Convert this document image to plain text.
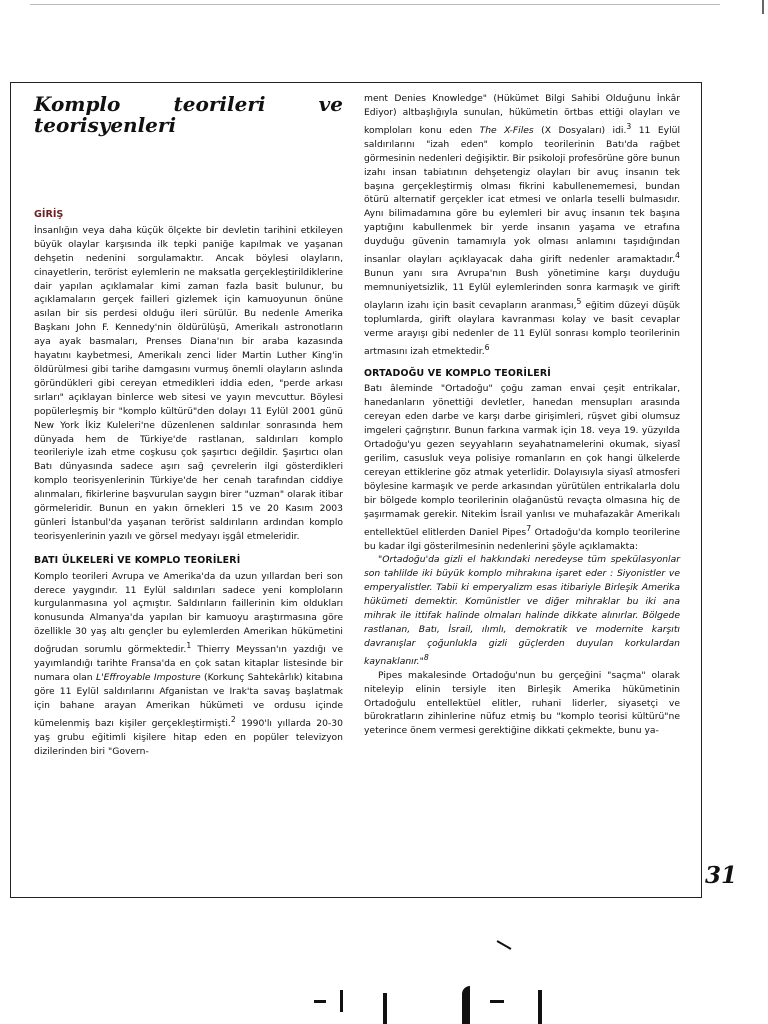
Komplo teorileri ve teorisyenleri
GİRİŞ

İnsanlığın veya daha küçük ölçekte bir devletin tarihini etkileyen büyük olaylar karşısında ilk tepki paniğe kapılmak ve yaşanan dehşetin nedenini sorgulamaktır. Ancak böylesi olayların, cinayetlerin, terörist eylemlerin ne maksatla gerçekleştirildiklerine dair yapılan açıklamalar kimi zaman fazla basit bulunur, bu açıklamaların gerçek failleri gizlemek için kamuoyunun önüne asılan bir sis perdesi olduğu ileri sürülür. Bu nedenle Amerika Başkanı John F. Kennedy'nin öldürülüşü, Amerikalı astronotların aya ayak basmaları, Prenses Diana'nın bir araba kazasında hayatını kaybetmesi, Amerikalı zenci lider Martin Luther King'in öldürülmesi gibi tarihe damgasını vurmuş önemli olayların aslında göründükleri gibi cereyan etmedikleri iddia eden, "perde arkası sırları" açıklayan binlerce web sitesi ve yayın mevcuttur. Böylesi popülerleşmiş bir "komplo kültürü"den dolayı 11 Eylül 2001 günü New York İkiz Kuleleri'ne düzenlenen saldırılar sonrasında hem dünyada hem de Türkiye'de rastlanan, saldırıları komplo teorileriyle izah etme coşkusu çok şaşırtıcı değildir. Şaşırtıcı olan Batı dünyasında sadece aşırı sağ çevrelerin ilgi gösterdikleri komplo teorisyenlerinin Türkiye'de her cenah tarafından ciddiye alınmaları, fikirlerine başvurulan saygın birer "uzman" olarak itibar görmeleridir. Bunun en yakın örnekleri 15 ve 20 Kasım 2003 günleri İstanbul'da yaşanan terörist saldırıların ardından komplo teorisyenlerinin yazılı ve görsel medyayı işgâl etmeleridir.

BATI ÜLKELERİ VE KOMPLO TEORİLERİ

Komplo teorileri Avrupa ve Amerika'da da uzun yıllardan beri son derece yaygındır. 11 Eylül saldırıları sadece yeni komploların kurgulanmasına yol açmıştır. Saldırıların faillerinin kim oldukları konusunda Almanya'da yapılan bir kamuoyu araştırmasına göre özellikle 30 yaş altı gençler bu eylemlerden Amerikan hükümetini doğrudan sorumlu görmektedir.$^1$ Thierry Meyssan'ın yazdığı ve yayımlandığı tarihte Fransa'da en çok satan kitaplar listesinde bir numara olan L'Effroyable Imposture (Korkunç Sahtekârlık) kitabına göre 11 Eylül saldırılarını Afganistan ve Irak'ta savaş başlatmak için bahane arayan Amerikan hükümeti ve ordusu içinde kümelenmiş bazı kişiler gerçekleştirmişti.$^2$ 1990'lı yıllarda 20-30 yaş grubu eğitimli kişilere hitap eden en popüler televizyon dizilerinden biri "Govern-

ment Denies Knowledge" (Hükümet Bilgi Sahibi Olduğunu İnkâr Ediyor) altbaşlığıyla sunulan, hükümetin örtbas ettiği olayları ve komploları konu eden The X-Files (X Dosyaları) idi.$^3$ 11 Eylül saldırılarını "izah eden" komplo teorilerinin Batı'da rağbet görmesinin nedenleri değişiktir. Bir psikoloji profesörüne göre bunun izahı insan tabiatının dehşetengiz olayları bir avuç insanın tek başına gerçekleştirmiş olması fikrini kabullenememesi, bundan ötürü alternatif gerçekler icat etmesi ve onlarla teselli bulmasıdır. Aynı bilimadamına göre bu eylemleri bir avuç insanın tek başına yaptığını kabullenmek bir yerde insanın yaşama ve etrafına duyduğu güvenin tamamıyla yok olması anlamını taşıdığından insanlar olayları açıklayacak daha girift nedenler aramaktadır.$^4$ Bunun yanı sıra Avrupa'nın Bush yönetimine karşı duyduğu memnuniyetsizlik, 11 Eylül eylemlerinden sonra karmaşık ve girift olayların izahı için basit cevapların aranması,$^5$ eğitim düzeyi düşük toplumlarda, girift olaylara kavranması kolay ve basit cevaplar verme arayışı gibi nedenler de 11 Eylül sonrası komplo teorilerinin artmasını izah etmektedir.$^6$

ORTADOĞU VE KOMPLO TEORİLERİ

Batı âleminde "Ortadoğu" çoğu zaman envai çeşit entrikalar, hanedanların yönettiği devletler, hanedan mensupları arasında cereyan eden darbe ve karşı darbe girişimleri, rüşvet gibi olumsuz imgeleri çağrıştırır. Bunun farkına varmak için 18. veya 19. yüzyılda Ortadoğu'yu gezen seyyahların seyahatnamelerini okumak, siyasî gerilim, casusluk veya polisiye romanların en çok hangi ülkelerde cereyan ettiklerine göz atmak yeterlidir. Dolayısıyla siyasî atmosferi böylesine karmaşık ve perde arkasından yürütülen entrikalarla dolu bir bölgede komplo teorilerinin olağanüstü revaçta olmasına hiç de şaşırmamak gerekir. Nitekim İsrail yanlısı ve muhafazakâr Amerikalı entellektüel elitlerden Daniel Pipes$^7$ Ortadoğu'da komplo teorilerine bu kadar ilgi gösterilmesinin nedenlerini şöyle açıklamakta:

"Ortadoğu'da gizli el hakkındaki neredeyse tüm spekülasyonlar son tahlilde iki büyük komplo mihrakına işaret eder : Siyonistler ve emperyalistler. Tabii ki emperyalizm esas itibariyle Birleşik Amerika hükümeti demektir. Komünistler ve diğer mihraklar bu iki ana mihrak ile ittifak halinde olmaları halinde dikkate alınırlar. Bölgede rastlanan, Batı, İsrail, ılımlı, demokratik ve modernite karşıtı davranışlar çoğunlukla gizli güçlerden duyulan korkulardan kaynaklanır."$^8$

Pipes makalesinde Ortadoğu'nun bu gerçeğini "saçma" olarak niteleyip elinin tersiyle iten Birleşik Amerika hükümetinin Ortadoğulu entellektüel elitler, ruhani liderler, siyasetçi ve bürokratların zihinlerine nüfuz etmiş bu "komplo teorisi kültürü"ne yeterince önem vermesi gerektiğine dikkati çekmekte, bunu ya-

31
